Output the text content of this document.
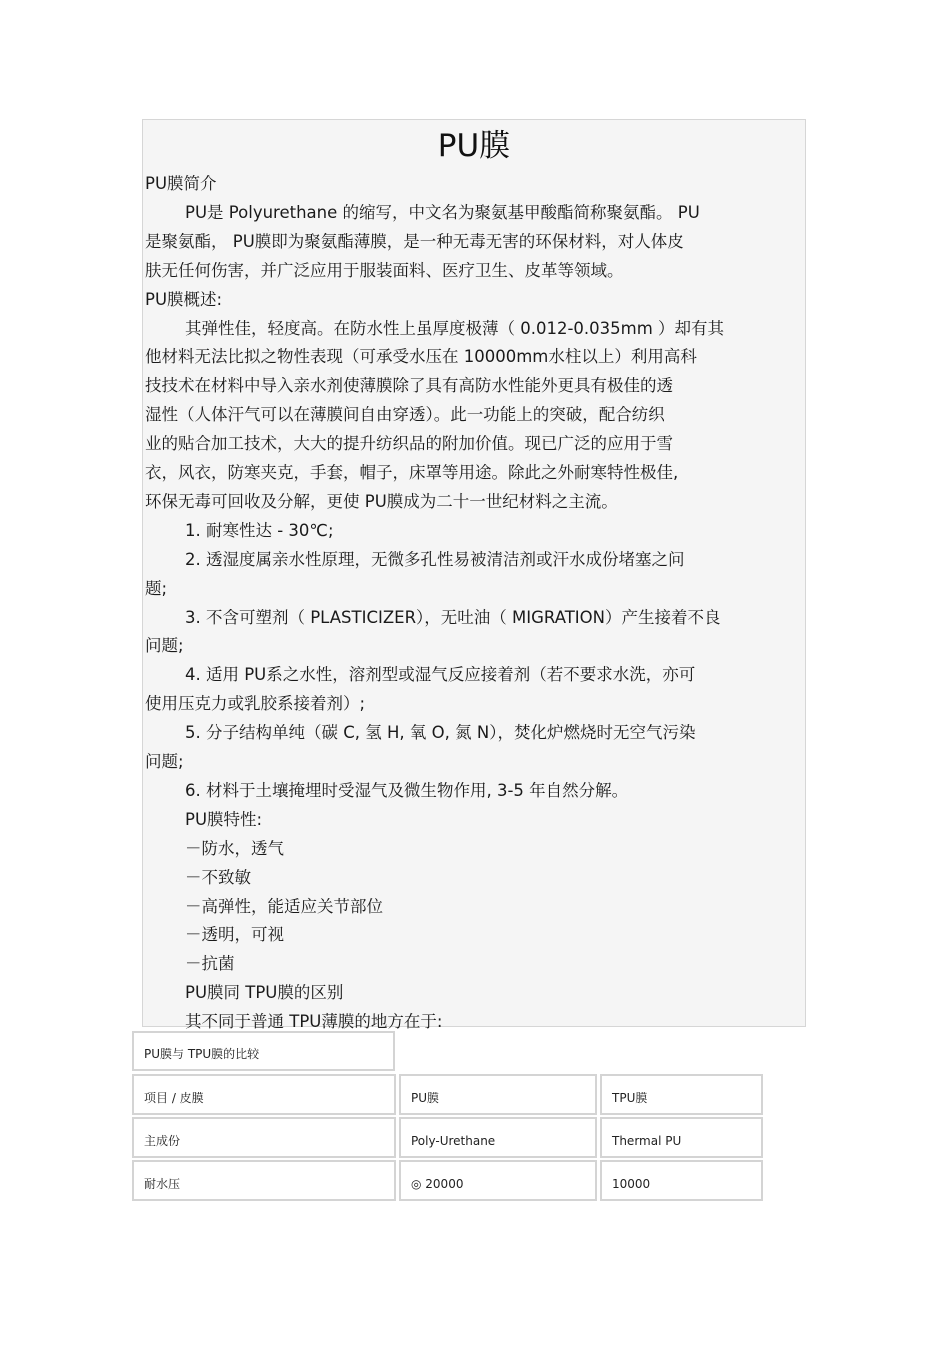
PU膜
PU膜简介
PU是 Polyurethane 的缩写，中文名为聚氨基甲酸酯简称聚氨酯。 PU
是聚氨酯， PU膜即为聚氨酯薄膜，是一种无毒无害的环保材料，对人体皮
肤无任何伤害，并广泛应用于服装面料、医疗卫生、皮革等领域。
PU膜概述:
其弹性佳，轻度高。在防水性上虽厚度极薄（ 0.012-0.035mm ）却有其
他材料无法比拟之物性表现（可承受水压在 10000mm水柱以上）利用高科
技技术在材料中导入亲水剂使薄膜除了具有高防水性能外更具有极佳的透
湿性（人体汗气可以在薄膜间自由穿透）。此一功能上的突破，配合纺织
业的贴合加工技术，大大的提升纺织品的附加价值。现已广泛的应用于雪
衣，风衣，防寒夹克，手套，帽子，床罩等用途。除此之外耐寒特性极佳,
环保无毒可回收及分解，更使 PU膜成为二十一世纪材料之主流。
1. 耐寒性达 - 30℃;
2. 透湿度属亲水性原理，无微多孔性易被清洁剂或汗水成份堵塞之问
题;
3. 不含可塑剂（ PLASTICIZER），无吐油（ MIGRATION）产生接着不良
问题;
4. 适用 PU系之水性，溶剂型或湿气反应接着剂（若不要求水洗，亦可
使用压克力或乳胶系接着剂）;
5. 分子结构单纯（碳 C, 氢 H, 氧 O, 氮 N），焚化炉燃烧时无空气污染
问题;
6. 材料于土壤掩埋时受湿气及微生物作用, 3-5 年自然分解。
PU膜特性:
－防水，透气
－不致敏
－高弹性，能适应关节部位
－透明，可视
－抗菌
PU膜同 TPU膜的区别
其不同于普通 TPU薄膜的地方在于:
PU膜与 TPU膜的比较
项目 / 皮膜	PU膜	TPU膜
主成份	Poly-Urethane	Thermal PU
耐水压	◎ 20000	10000
